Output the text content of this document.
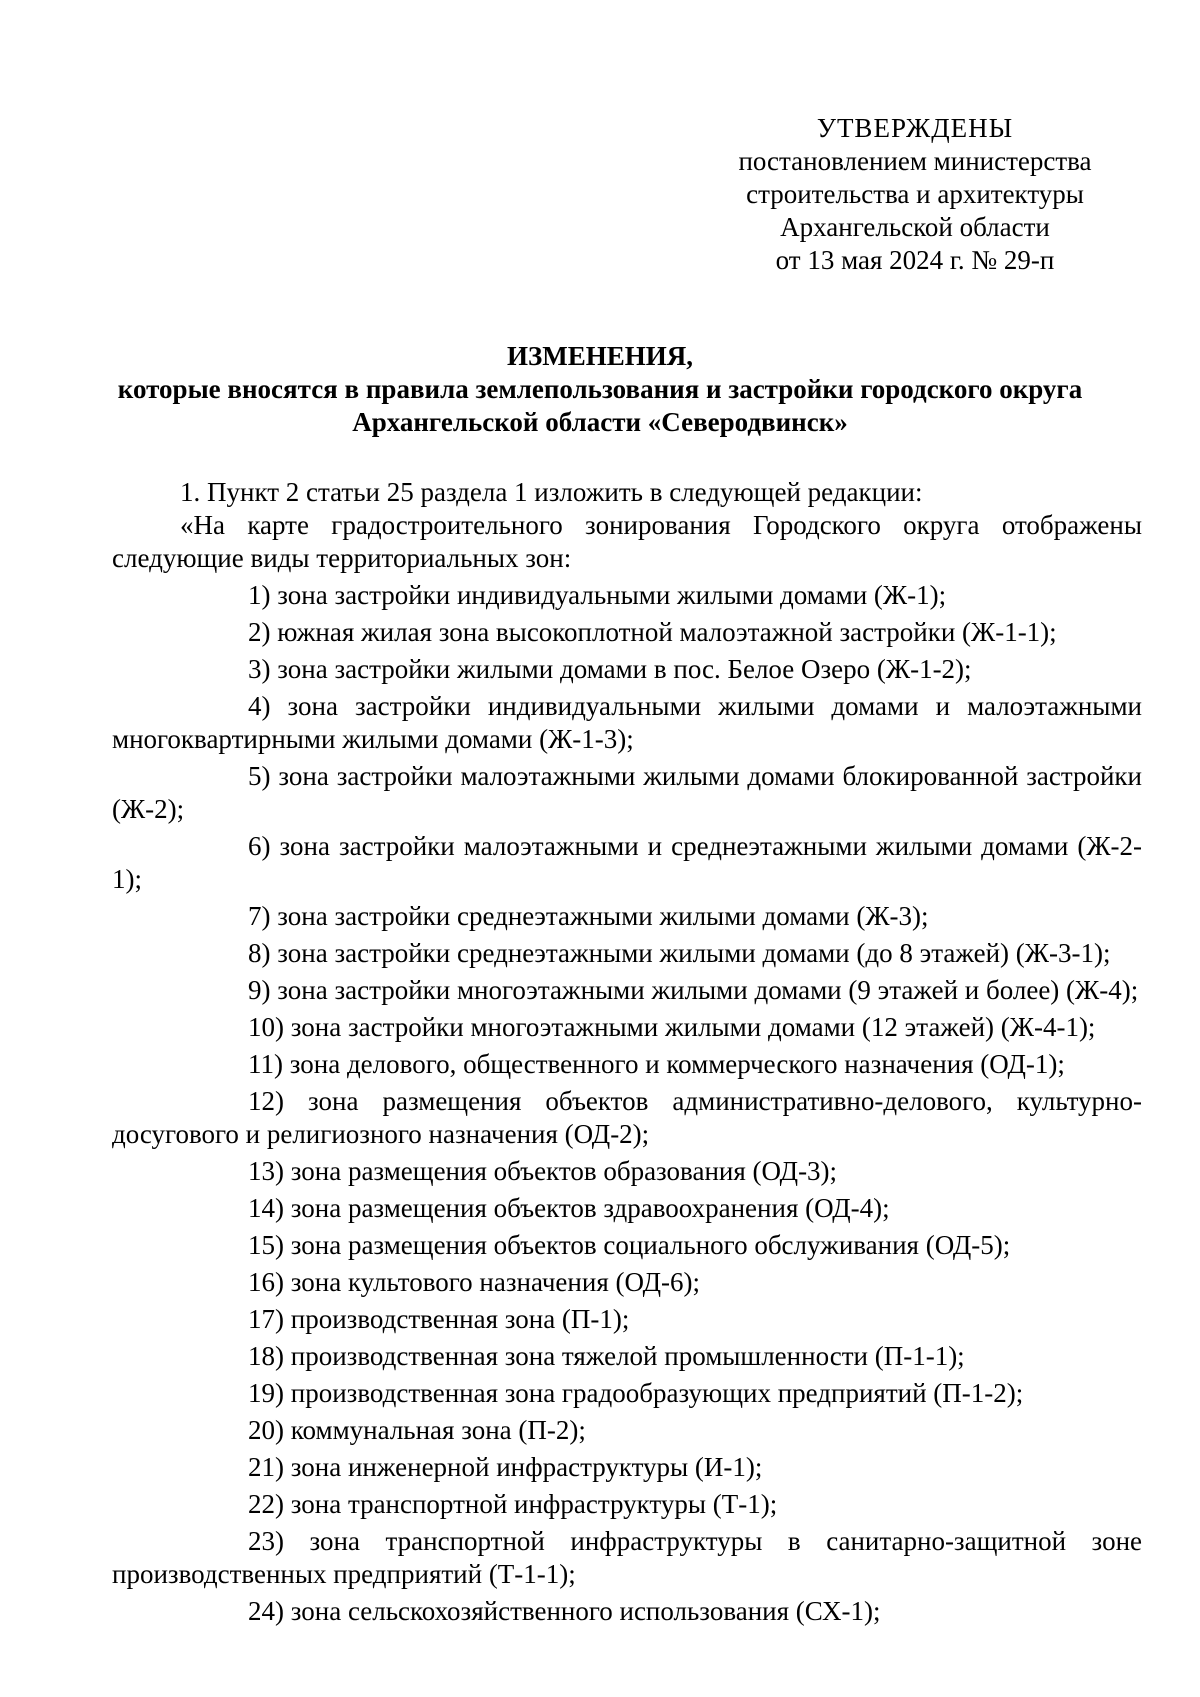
УТВЕРЖДЕНЫ
постановлением министерства
строительства и архитектуры
Архангельской области
от 13 мая 2024 г. № 29-п
ИЗМЕНЕНИЯ,
которые вносятся в правила землепользования и застройки городского округа
Архангельской области «Северодвинск»

1. Пункт 2 статьи 25 раздела 1 изложить в следующей редакции:

«На карте градостроительного зонирования Городского округа отображены следующие виды территориальных зон:

1) зона застройки индивидуальными жилыми домами (Ж-1);
2) южная жилая зона высокоплотной малоэтажной застройки (Ж-1-1);
3) зона застройки жилыми домами в пос. Белое Озеро (Ж-1-2);
4) зона застройки индивидуальными жилыми домами и малоэтажными многоквартирными жилыми домами (Ж-1-3);
5) зона застройки малоэтажными жилыми домами блокированной застройки (Ж-2);
6) зона застройки малоэтажными и среднеэтажными жилыми домами (Ж-2-1);
7) зона застройки среднеэтажными жилыми домами (Ж-3);
8) зона застройки среднеэтажными жилыми домами (до 8 этажей) (Ж-3-1);
9) зона застройки многоэтажными жилыми домами (9 этажей и более) (Ж-4);
10) зона застройки многоэтажными жилыми домами (12 этажей) (Ж-4-1);
11) зона делового, общественного и коммерческого назначения (ОД-1);
12) зона размещения объектов административно-делового, культурно-досугового и религиозного назначения (ОД-2);
13) зона размещения объектов образования (ОД-3);
14) зона размещения объектов здравоохранения (ОД-4);
15) зона размещения объектов социального обслуживания (ОД-5);
16) зона культового назначения (ОД-6);
17) производственная зона (П-1);
18) производственная зона тяжелой промышленности (П-1-1);
19) производственная зона градообразующих предприятий (П-1-2);
20) коммунальная зона (П-2);
21) зона инженерной инфраструктуры (И-1);
22) зона транспортной инфраструктуры (Т-1);
23) зона транспортной инфраструктуры в санитарно-защитной зоне производственных предприятий (Т-1-1);
24) зона сельскохозяйственного использования (СХ-1);
